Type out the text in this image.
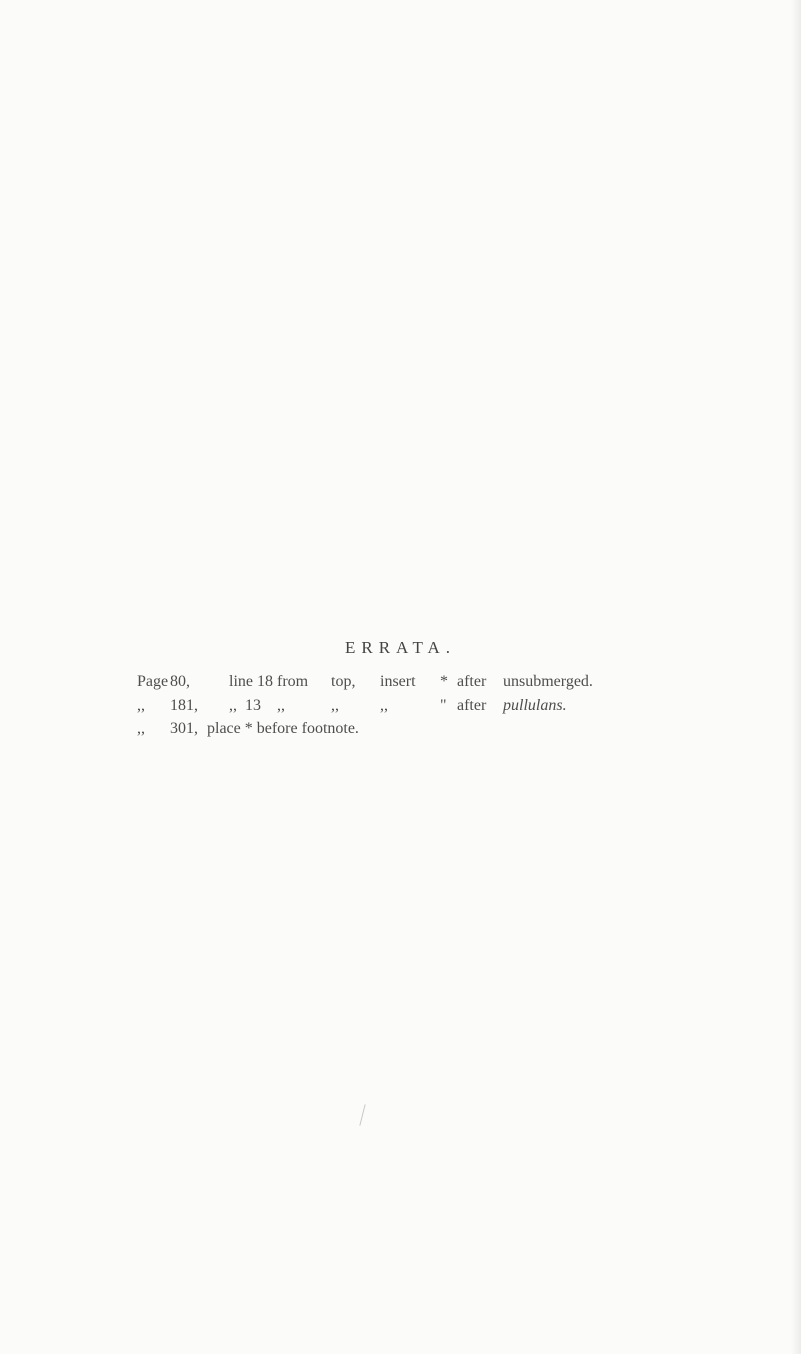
ERRATA.
Page 80, line 18 from top, insert * after unsubmerged.
,, 181, ,, 13 ,,	,,	,,	" after pullulans.
,, 301, place * before footnote.
